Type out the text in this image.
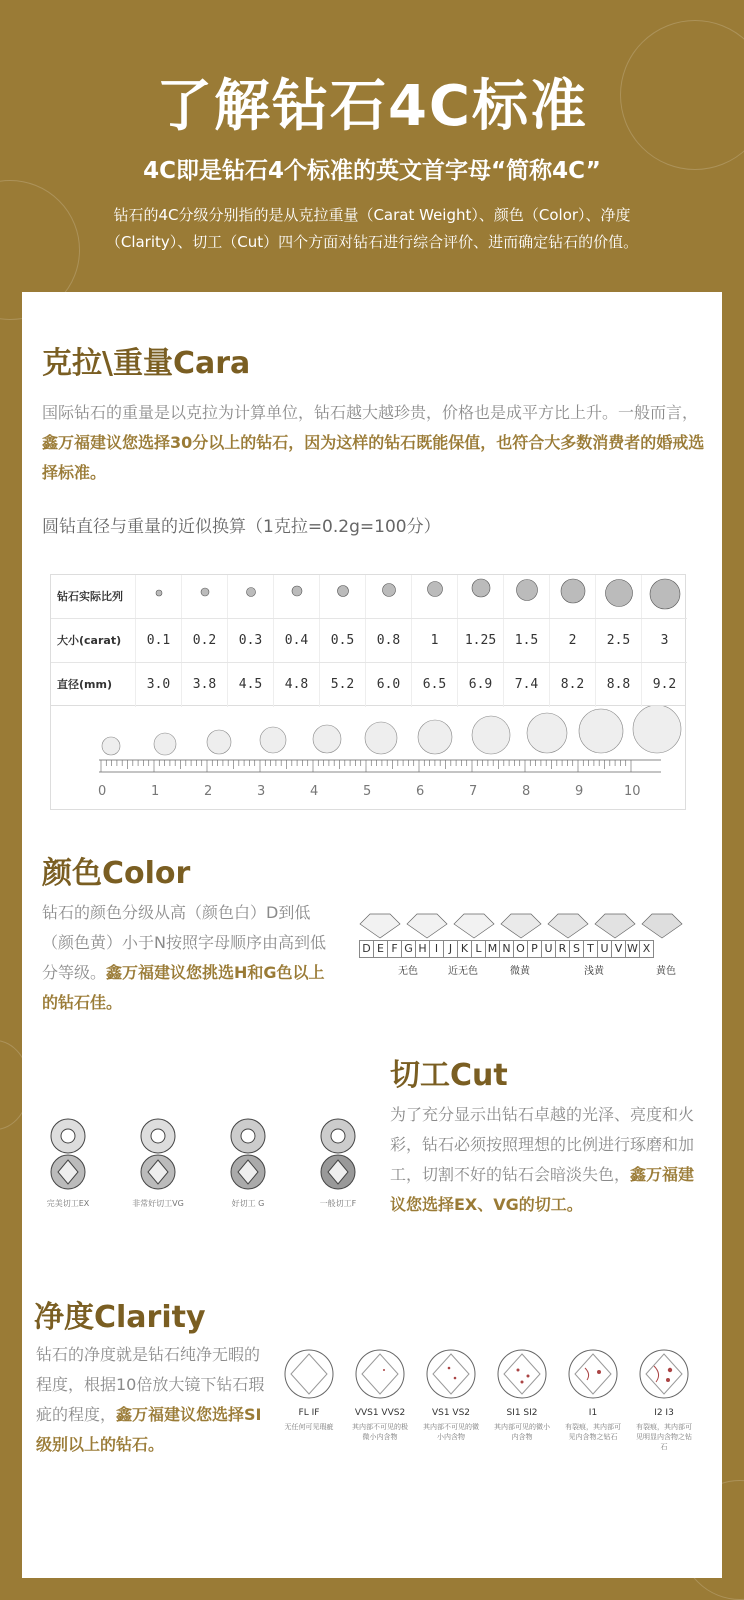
了解钻石4C标准
4C即是钻石4个标准的英文首字母“简称4C”
钻石的4C分级分别指的是从克拉重量（Carat Weight）、颜色（Color）、净度
（Clarity）、切工（Cut）四个方面对钻石进行综合评价、进而确定钻石的价值。
克拉\重量Cara
国际钻石的重量是以克拉为计算单位，钻石越大越珍贵，价格也是成平方比上升。一般而言，鑫万福建议您选择30分以上的钻石，因为这样的钻石既能保值，也符合大多数消费者的婚戒选择标准。
圆钻直径与重量的近似换算（1克拉=0.2g=100分）
钻石实际比列
大小(carat)	0.1	0.2	0.3	0.4	0.5	0.8	1	1.25	1.5	2	2.5	3
直径(mm)	3.0	3.8	4.5	4.8	5.2	6.0	6.5	6.9	7.4	8.2	8.8	9.2
0	1	2	3	4	5	6	7	8	9	10
颜色Color
钻石的颜色分级从高（颜色白）D到低（颜色黄）小于N按照字母顺序由高到低分等级。鑫万福建议您挑选H和G色以上的钻石佳。
D E F G H I J K L M N O P U R S T U V W X
无色	近无色	微黄	浅黄	黄色
切工Cut
为了充分显示出钻石卓越的光泽、亮度和火彩，钻石必须按照理想的比例进行琢磨和加工，切割不好的钻石会暗淡失色，鑫万福建议您选择EX、VG的切工。
完美切工EX	非常好切工VG	好切工 G	一般切工F
净度Clarity
钻石的净度就是钻石纯净无暇的程度，根据10倍放大镜下钻石瑕疵的程度，鑫万福建议您选择SI级别以上的钻石。
FL IF
无任何可见瑕疵
VVS1 VVS2
其内部不可见的极微小内含物
VS1 VS2
其内部不可见的微小内含物
SI1 SI2
其内部可见的微小内含物
I1
有裂痕，其内部可见内含物之钻石
I2 I3
有裂痕，其内部可见明显内含物之钻石
